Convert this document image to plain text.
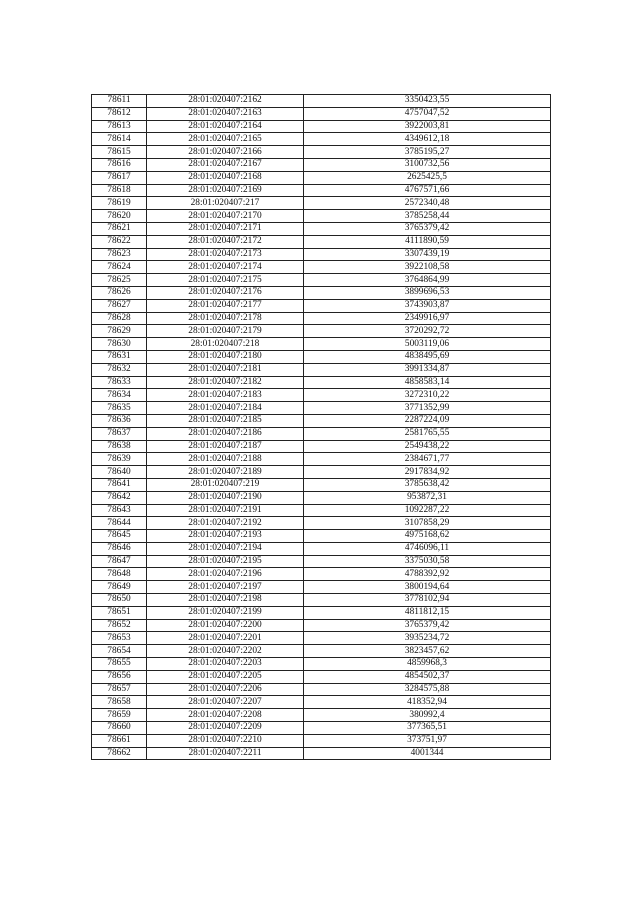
78611	28:01:020407:2162	3350423,55
78612	28:01:020407:2163	4757047,52
78613	28:01:020407:2164	3922003,81
78614	28:01:020407:2165	4349612,18
78615	28:01:020407:2166	3785195,27
78616	28:01:020407:2167	3100732,56
78617	28:01:020407:2168	2625425,5
78618	28:01:020407:2169	4767571,66
78619	28:01:020407:217	2572340,48
78620	28:01:020407:2170	3785258,44
78621	28:01:020407:2171	3765379,42
78622	28:01:020407:2172	4111890,59
78623	28:01:020407:2173	3307439,19
78624	28:01:020407:2174	3922108,58
78625	28:01:020407:2175	3764864,99
78626	28:01:020407:2176	3899696,53
78627	28:01:020407:2177	3743903,87
78628	28:01:020407:2178	2349916,97
78629	28:01:020407:2179	3720292,72
78630	28:01:020407:218	5003119,06
78631	28:01:020407:2180	4838495,69
78632	28:01:020407:2181	3991334,87
78633	28:01:020407:2182	4858583,14
78634	28:01:020407:2183	3272310,22
78635	28:01:020407:2184	3771352,99
78636	28:01:020407:2185	2287224,09
78637	28:01:020407:2186	2581765,55
78638	28:01:020407:2187	2549438,22
78639	28:01:020407:2188	2384671,77
78640	28:01:020407:2189	2917834,92
78641	28:01:020407:219	3785638,42
78642	28:01:020407:2190	953872,31
78643	28:01:020407:2191	1092287,22
78644	28:01:020407:2192	3107858,29
78645	28:01:020407:2193	4975168,62
78646	28:01:020407:2194	4746096,11
78647	28:01:020407:2195	3375030,58
78648	28:01:020407:2196	4788392,92
78649	28:01:020407:2197	3800194,64
78650	28:01:020407:2198	3778102,94
78651	28:01:020407:2199	4811812,15
78652	28:01:020407:2200	3765379,42
78653	28:01:020407:2201	3935234,72
78654	28:01:020407:2202	3823457,62
78655	28:01:020407:2203	4859968,3
78656	28:01:020407:2205	4854502,37
78657	28:01:020407:2206	3284575,88
78658	28:01:020407:2207	418352,94
78659	28:01:020407:2208	380992,4
78660	28:01:020407:2209	377365,51
78661	28:01:020407:2210	373751,97
78662	28:01:020407:2211	4001344
